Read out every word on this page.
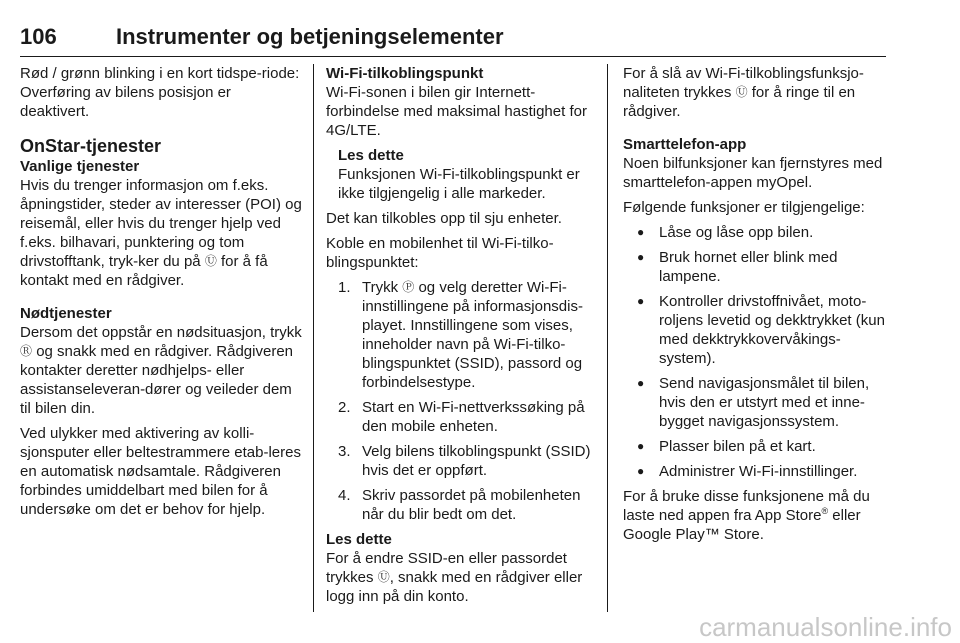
106	Instrumenter og betjeningselementer

Rød / grønn blinking i en kort tidspe-riode: Overføring av bilens posisjon er deaktivert.

OnStar-tjenester

Vanlige tjenester

Hvis du trenger informasjon om f.eks. åpningstider, steder av interesser (POI) og reisemål, eller hvis du trenger hjelp ved f.eks. bilhavari, punktering og tom drivstofftank, tryk-ker du på Ⓤ for å få kontakt med en rådgiver.

Nødtjenester

Dersom det oppstår en nødsituasjon, trykk Ⓡ og snakk med en rådgiver. Rådgiveren kontakter deretter nødhjelps- eller assistanseleveran-dører og veileder dem til bilen din.

Ved ulykker med aktivering av kolli-sjonsputer eller beltestrammere etab-leres en automatisk nødsamtale. Rådgiveren forbindes umiddelbart med bilen for å undersøke om det er behov for hjelp.

Wi-Fi-tilkoblingspunkt

Wi-Fi-sonen i bilen gir Internett-forbindelse med maksimal hastighet for 4G/LTE.

Les dette

Funksjonen Wi-Fi-tilkoblingspunkt er ikke tilgjengelig i alle markeder.

Det kan tilkobles opp til sju enheter.

Koble en mobilenhet til Wi-Fi-tilko-blingspunktet:

1. Trykk Ⓟ og velg deretter Wi-Fi-innstillingene på informasjonsdis-playet. Innstillingene som vises, inneholder navn på Wi-Fi-tilko-blingspunktet (SSID), passord og forbindelsestype.
2. Start en Wi-Fi-nettverkssøking på den mobile enheten.
3. Velg bilens tilkoblingspunkt (SSID) hvis det er oppført.
4. Skriv passordet på mobilenheten når du blir bedt om det.

Les dette

For å endre SSID-en eller passordet trykkes Ⓤ, snakk med en rådgiver eller logg inn på din konto.

For å slå av Wi-Fi-tilkoblingsfunksjo-naliteten trykkes Ⓤ for å ringe til en rådgiver.

Smarttelefon-app

Noen bilfunksjoner kan fjernstyres med smarttelefon-appen myOpel.

Følgende funksjoner er tilgjengelige:

● Låse og låse opp bilen.
● Bruk hornet eller blink med lampene.
● Kontroller drivstoffnivået, moto-roljens levetid og dekktrykket (kun med dekktrykkovervåkings-system).
● Send navigasjonsmålet til bilen, hvis den er utstyrt med et inne-bygget navigasjonssystem.
● Plasser bilen på et kart.
● Administrer Wi-Fi-innstillinger.

For å bruke disse funksjonene må du laste ned appen fra App Store® eller Google Play™ Store.

carmanualsonline.info
